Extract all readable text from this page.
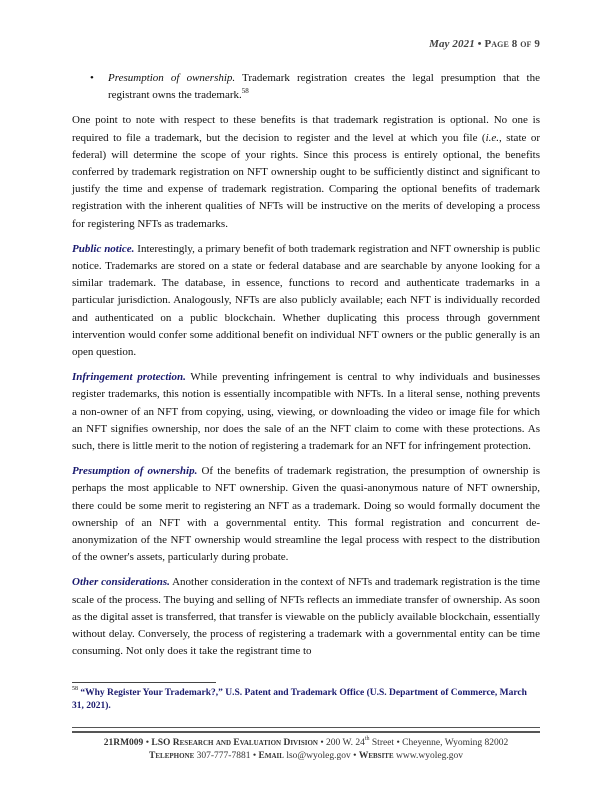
May 2021 • Page 8 of 9
• Presumption of ownership. Trademark registration creates the legal presumption that the registrant owns the trademark.$^{58}$

One point to note with respect to these benefits is that trademark registration is optional. No one is required to file a trademark, but the decision to register and the level at which you file (i.e., state or federal) will determine the scope of your rights. Since this process is entirely optional, the benefits conferred by trademark registration on NFT ownership ought to be sufficiently distinct and significant to justify the time and expense of trademark registration. Comparing the optional benefits of trademark registration with the inherent qualities of NFTs will be instructive on the merits of developing a process for registering NFTs as trademarks.

Public notice. Interestingly, a primary benefit of both trademark registration and NFT ownership is public notice. Trademarks are stored on a state or federal database and are searchable by anyone looking for a similar trademark. The database, in essence, functions to record and authenticate trademarks in a particular jurisdiction. Analogously, NFTs are also publicly available; each NFT is individually recorded and authenticated on a public blockchain. Whether duplicating this process through government intervention would confer some additional benefit on individual NFT owners or the public generally is an open question.

Infringement protection. While preventing infringement is central to why individuals and businesses register trademarks, this notion is essentially incompatible with NFTs. In a literal sense, nothing prevents a non-owner of an NFT from copying, using, viewing, or downloading the video or image file for which an NFT signifies ownership, nor does the sale of an the NFT claim to come with these protections. As such, there is little merit to the notion of registering a trademark for an NFT for infringement protection.

Presumption of ownership. Of the benefits of trademark registration, the presumption of ownership is perhaps the most applicable to NFT ownership. Given the quasi-anonymous nature of NFT ownership, there could be some merit to registering an NFT as a trademark. Doing so would formally document the ownership of an NFT with a governmental entity. This formal registration and concurrent de-anonymization of the NFT ownership would streamline the legal process with respect to the distribution of the owner's assets, particularly during probate.

Other considerations. Another consideration in the context of NFTs and trademark registration is the time scale of the process. The buying and selling of NFTs reflects an immediate transfer of ownership. As soon as the digital asset is transferred, that transfer is viewable on the publicly available blockchain, essentially without delay. Conversely, the process of registering a trademark with a governmental entity can be time consuming. Not only does it take the registrant time to

$^{58}$ “Why Register Your Trademark?,” U.S. Patent and Trademark Office (U.S. Department of Commerce, March 31, 2021).
21RM009 • LSO Research and Evaluation Division • 200 W. 24th Street • Cheyenne, Wyoming 82002
Telephone 307-777-7881 • Email lso@wyoleg.gov • Website www.wyoleg.gov
